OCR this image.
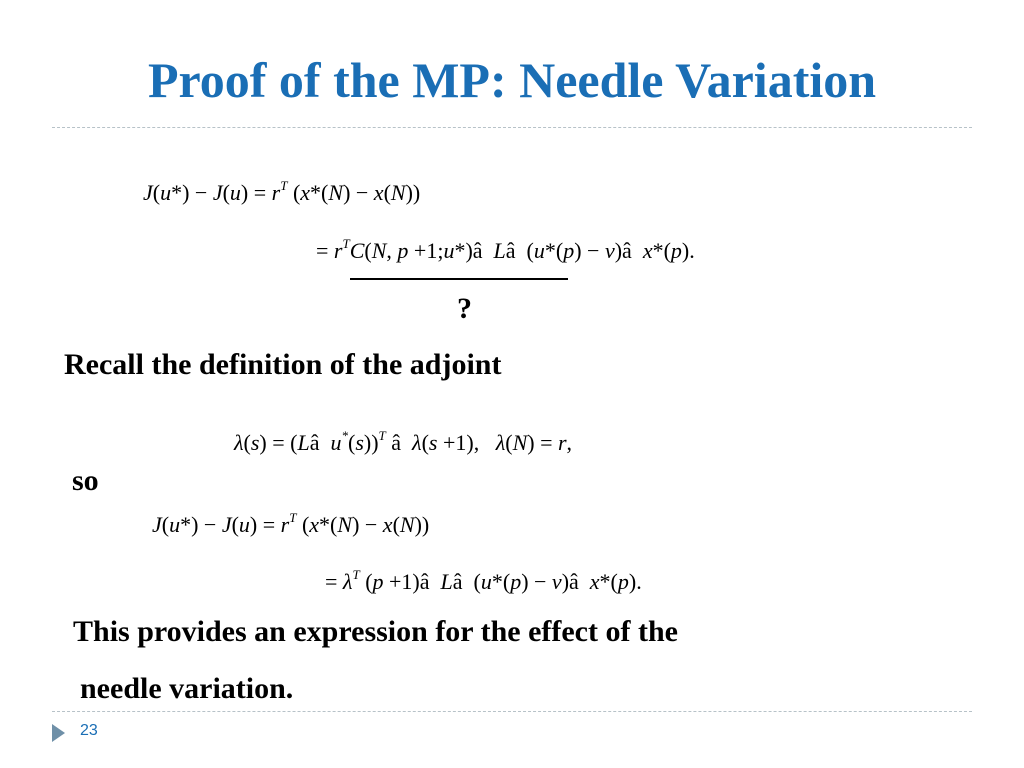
Proof of the MP: Needle Variation
$J(u*) - J(u) = r^T$ (x*(N) − x(N))
= $r^TC(N$, p +1;u*)â  Lâ  (u*(p) − v)â  x*(p).
?
Recall the definition of the adjoint
λ(s) = (Lâ  u*(s))$^T$ â  λ(s +1),   λ(N) = r,
so
$J(u*) - J(u) = r^T$ (x*(N) − x(N))
= $\lambda^T$ (p +1)â  Lâ  (u*(p) − v)â  x*(p).
This provides an expression for the effect of the
needle variation.
23
